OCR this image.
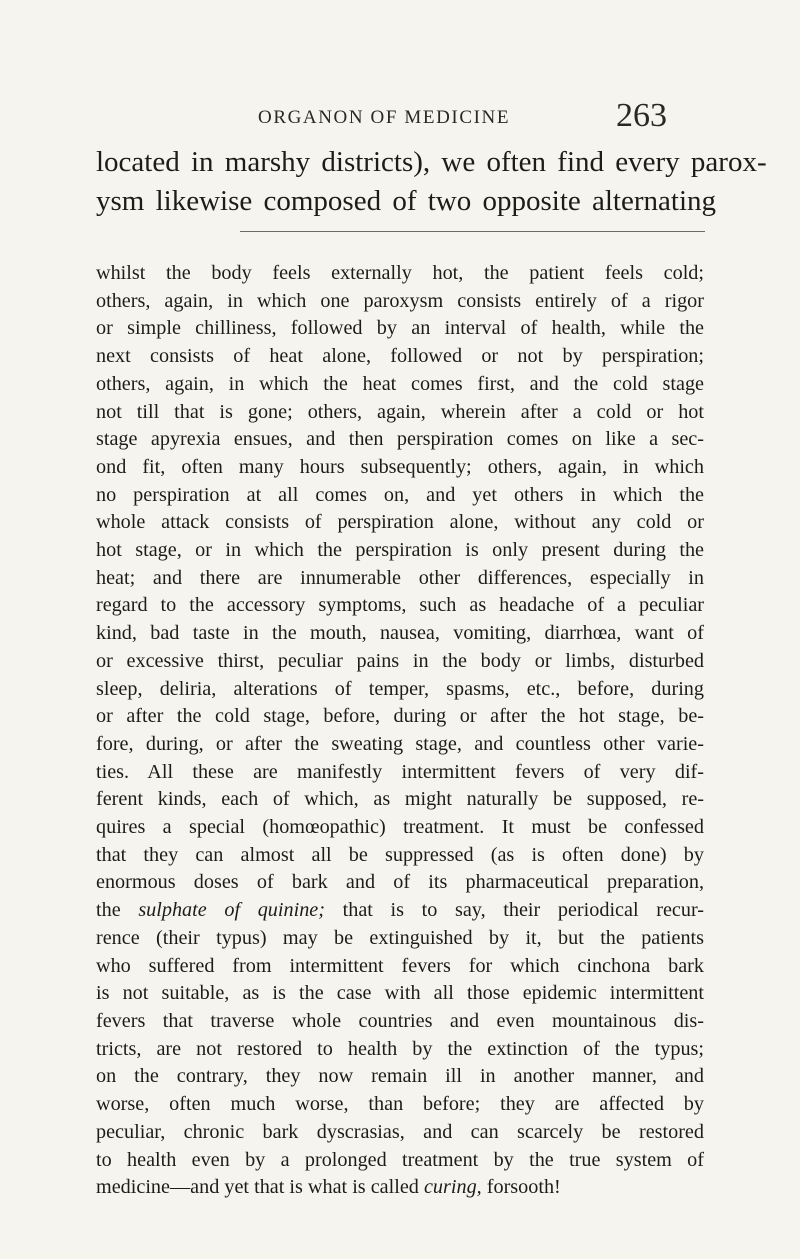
ORGANON OF MEDICINE	263
located in marshy districts), we often find every parox-
ysm likewise composed of two opposite alternating
whilst the body feels externally hot, the patient feels cold;
others, again, in which one paroxysm consists entirely of a rigor
or simple chilliness, followed by an interval of health, while the
next consists of heat alone, followed or not by perspiration;
others, again, in which the heat comes first, and the cold stage
not till that is gone; others, again, wherein after a cold or hot
stage apyrexia ensues, and then perspiration comes on like a sec-
ond fit, often many hours subsequently; others, again, in which
no perspiration at all comes on, and yet others in which the
whole attack consists of perspiration alone, without any cold or
hot stage, or in which the perspiration is only present during the
heat; and there are innumerable other differences, especially in
regard to the accessory symptoms, such as headache of a peculiar
kind, bad taste in the mouth, nausea, vomiting, diarrhœa, want of
or excessive thirst, peculiar pains in the body or limbs, disturbed
sleep, deliria, alterations of temper, spasms, etc., before, during
or after the cold stage, before, during or after the hot stage, be-
fore, during, or after the sweating stage, and countless other varie-
ties. All these are manifestly intermittent fevers of very dif-
ferent kinds, each of which, as might naturally be supposed, re-
quires a special (homœopathic) treatment. It must be confessed
that they can almost all be suppressed (as is often done) by
enormous doses of bark and of its pharmaceutical preparation,
the sulphate of quinine; that is to say, their periodical recur-
rence (their typus) may be extinguished by it, but the patients
who suffered from intermittent fevers for which cinchona bark
is not suitable, as is the case with all those epidemic intermittent
fevers that traverse whole countries and even mountainous dis-
tricts, are not restored to health by the extinction of the typus;
on the contrary, they now remain ill in another manner, and
worse, often much worse, than before; they are affected by
peculiar, chronic bark dyscrasias, and can scarcely be restored
to health even by a prolonged treatment by the true system of
medicine—and yet that is what is called curing, forsooth!
